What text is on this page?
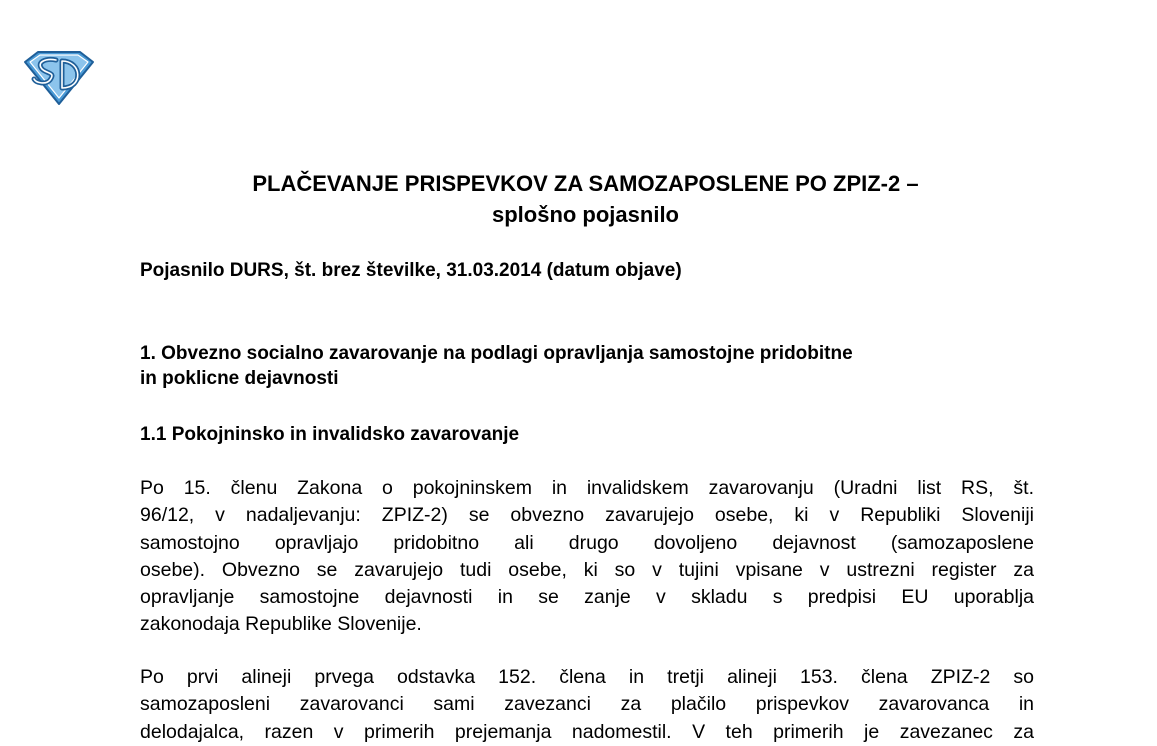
PLAČEVANJE PRISPEVKOV ZA SAMOZAPOSLENE PO ZPIZ-2 –
splošno pojasnilo

Pojasnilo DURS, št. brez številke, 31.03.2014 (datum objave)

1. Obvezno socialno zavarovanje na podlagi opravljanja samostojne pridobitne
in poklicne dejavnosti
1.1 Pokojninsko in invalidsko zavarovanje

Po 15. členu Zakona o pokojninskem in invalidskem zavarovanju (Uradni list RS, št.
96/12, v nadaljevanju: ZPIZ-2) se obvezno zavarujejo osebe, ki v Republiki Sloveniji
samostojno opravljajo pridobitno ali drugo dovoljeno dejavnost (samozaposlene
osebe). Obvezno se zavarujejo tudi osebe, ki so v tujini vpisane v ustrezni register za
opravljanje samostojne dejavnosti in se zanje v skladu s predpisi EU uporablja
zakonodaja Republike Slovenije.

Po prvi alineji prvega odstavka 152. člena in tretji alineji 153. člena ZPIZ-2 so
samozaposleni zavarovanci sami zavezanci za plačilo prispevkov zavarovanca in
delodajalca, razen v primerih prejemanja nadomestil. V teh primerih je zavezanec za
